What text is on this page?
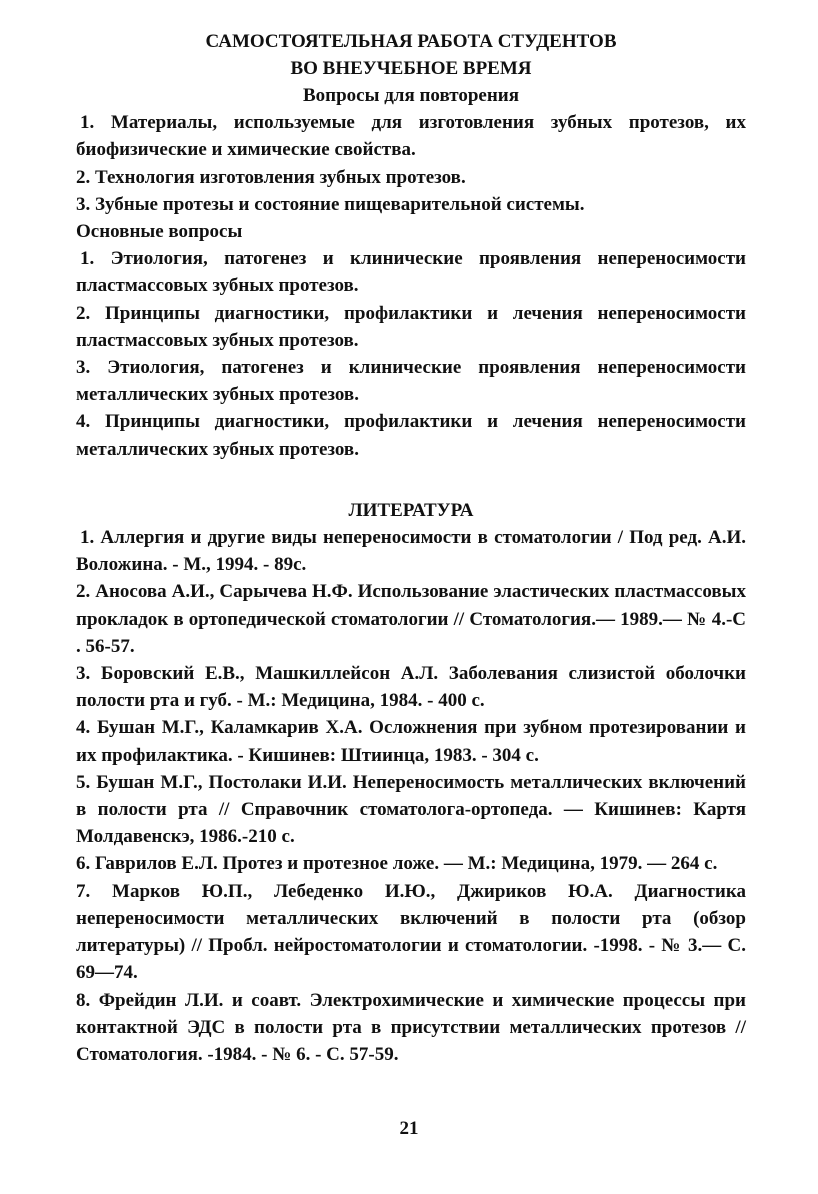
САМОСТОЯТЕЛЬНАЯ РАБОТА СТУДЕНТОВ
ВО ВНЕУЧЕБНОЕ ВРЕМЯ
Вопросы для повторения

1. Материалы, используемые для изготовления зубных протезов, их биофизические и химические свойства.

2. Технология изготовления зубных протезов.

3. Зубные протезы и состояние пищеварительной системы.

Основные вопросы

1. Этиология, патогенез и клинические проявления непереносимости пластмассовых зубных протезов.

2. Принципы диагностики, профилактики и лечения непереносимости пластмассовых зубных протезов.

3. Этиология, патогенез и клинические проявления непереносимости металлических зубных протезов.

4. Принципы диагностики, профилактики и лечения непереносимости металлических зубных протезов.

ЛИТЕРАТУРА

1. Аллергия и другие виды непереносимости в стоматологии / Под ред. А.И. Воложина. - М., 1994. - 89с.

2. Аносова А.И., Сарычева Н.Ф. Использование эластических пластмассовых прокладок в ортопедической стоматологии // Стоматология.— 1989.— № 4.-С . 56-57.

3. Боровский Е.В., Машкиллейсон А.Л. Заболевания слизистой оболочки полости рта и губ. - М.: Медицина, 1984. - 400 с.

4. Бушан М.Г., Каламкарив Х.А. Осложнения при зубном протезировании и их профилактика. - Кишинев: Штиинца, 1983. - 304 с.

5. Бушан М.Г., Постолаки И.И. Непереносимость металлических включений в полости рта // Справочник стоматолога-ортопеда. — Кишинев: Картя Молдавенскэ, 1986.-210 с.

6. Гаврилов Е.Л. Протез и протезное ложе. — М.: Медицина, 1979. — 264 с.

7. Марков Ю.П., Лебеденко И.Ю., Джириков Ю.А. Диагностика непереносимости металлических включений в полости рта (обзор литературы) // Пробл. нейростоматологии и стоматологии. -1998. - № 3.— С. 69—74.

8. Фрейдин Л.И. и соавт. Электрохимические и химические процессы при контактной ЭДС в полости рта в присутствии металлических протезов // Стоматология. -1984. - № 6. - С. 57-59.

21
